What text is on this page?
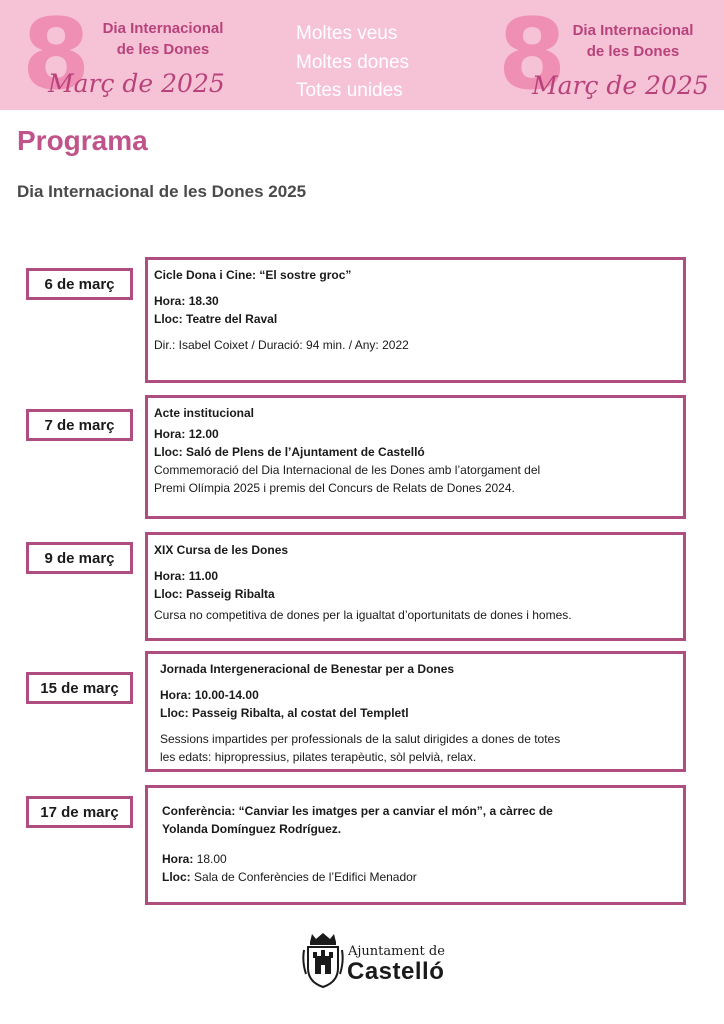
8 Dia Internacional
de les Dones
Març de 2025
Moltes veus
Moltes dones
Totes unides 8 Dia Internacional
de les Dones
Març de 2025
Programa
Dia Internacional de les Dones 2025
6 de març
Cicle Dona i Cine: “El sostre groc”
Hora: 18.30
Lloc: Teatre del Raval
Dir.: Isabel Coixet / Duració: 94 min. / Any: 2022
7 de març
Acte institucional
Hora: 12.00
Lloc: Saló de Plens de l’Ajuntament de Castelló
Commemoració del Dia Internacional de les Dones amb l’atorgament del
Premi Olímpia 2025 i premis del Concurs de Relats de Dones 2024.
9 de març	XIX Cursa de les Dones
Hora: 11.00
Lloc: Passeig Ribalta
Cursa no competitiva de dones per la igualtat d’oportunitats de dones i homes.
15 de març
Jornada Intergeneracional de Benestar per a Dones
Hora: 10.00-14.00
Lloc: Passeig Ribalta, al costat del Templetl
Sessions impartides per professionals de la salut dirigides a dones de totes
les edats: hipropressius, pilates terapèutic, sòl pelvià, relax.
17 de març	Conferència: “Canviar les imatges per a canviar el món”, a càrrec de
Yolanda Domínguez Rodríguez.
Hora: 18.00
Lloc: Sala de Conferències de l’Edifici Menador
Ajuntament de
Castelló
